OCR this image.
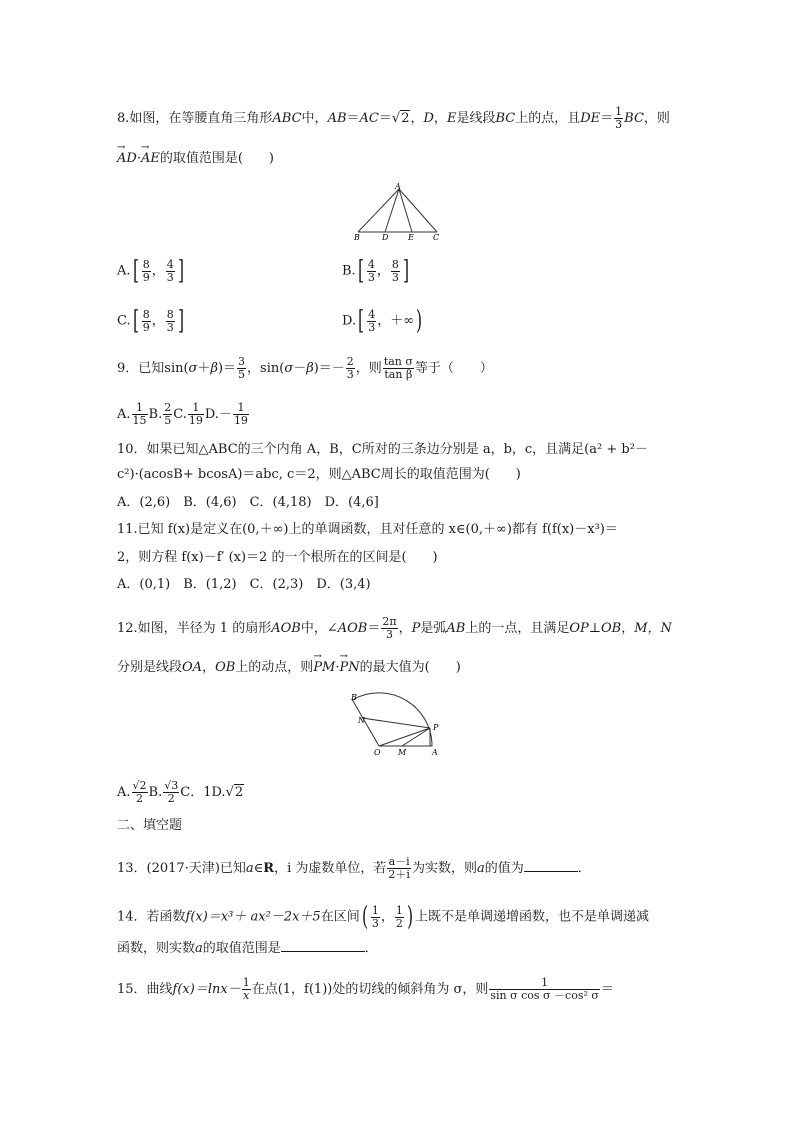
8.如图，在等腰直角三角形ABC中，AB＝AC＝√2，D，E是线段BC上的点，且$DE= \frac{1}{3}$ BC，则
→ AD·→ AE的取值范围是(　　)
A
B	D E C
$A.[ \frac{8}{9}$ ， $\frac{4}{3}$ ]	$B.[ \frac{4}{3}$ ， $\frac{8}{3}$ ]
$C.[ \frac{8}{9}$ ， $\frac{8}{3}$ ]	$D.[ \frac{4}{3}$ ，＋∞)
9．已知$\sin(\sigma+\beta)= \frac{3}{5}$ ，$\sin(\sigma-\beta)=- \frac{2}{3}$ ，则 $\frac{\text{tan σ}}{\text{tan β}}$ 等于（　　）
A. $\frac{1}{15} B$. $\frac{2}{5} C$. $\frac{1}{19} D.- \frac{1}{19}$
10．如果已知△ABC的三个内角 A，B，C所对的三条边分别是 a，b，c，且满足(a² + b²－
c²)·(acosB+ bcosA)＝abc, c＝2，则△ABC周长的取值范围为(　　)
A．(2,6)　B．(4,6)　C．(4,18)　D．(4,6]
11.已知 f(x)是定义在(0,＋∞)上的单调函数，且对任意的 x∈(0,＋∞)都有 f(f(x)－x³)＝
2，则方程 f(x)－f′ (x)＝2 的一个根所在的区间是(　　)
A．(0,1)　B．(1,2)　C．(2,3)　D．(3,4)
12.如图，半径为 1 的扇形AOB中，∠AOB＝ $\frac{2\pi}{3}$ ，P是弧AB上的一点，且满足OP⊥OB，M，N
分别是线段OA，OB上的动点，则→ PM·→ PN的最大值为(　　)
B
N
P
O M	A
A. $\frac{√2}{2} B$. $\frac{√3}{2}$ C．1D.√2
二、填空题
13．(2017·天津)已知a∈R，i 为虚数单位，若 $\frac{a-i}{2+i}$ 为实数，则a的值为	．
14．若函数f(x)＝x³＋ ax²－2x＋5在区间( $\frac{1}{3}$ ， $\frac{1}{2}$ ) 上既不是单调递增函数，也不是单调递减
函数，则实数a的取值范围是	．
15．曲线$f(x)=\ln x- \frac{1}{x}$ 在点(1，f(1))处的切线的倾斜角为 σ，则 $\frac{1}{\text{sin σ cos σ －cos² σ}}$ ＝
